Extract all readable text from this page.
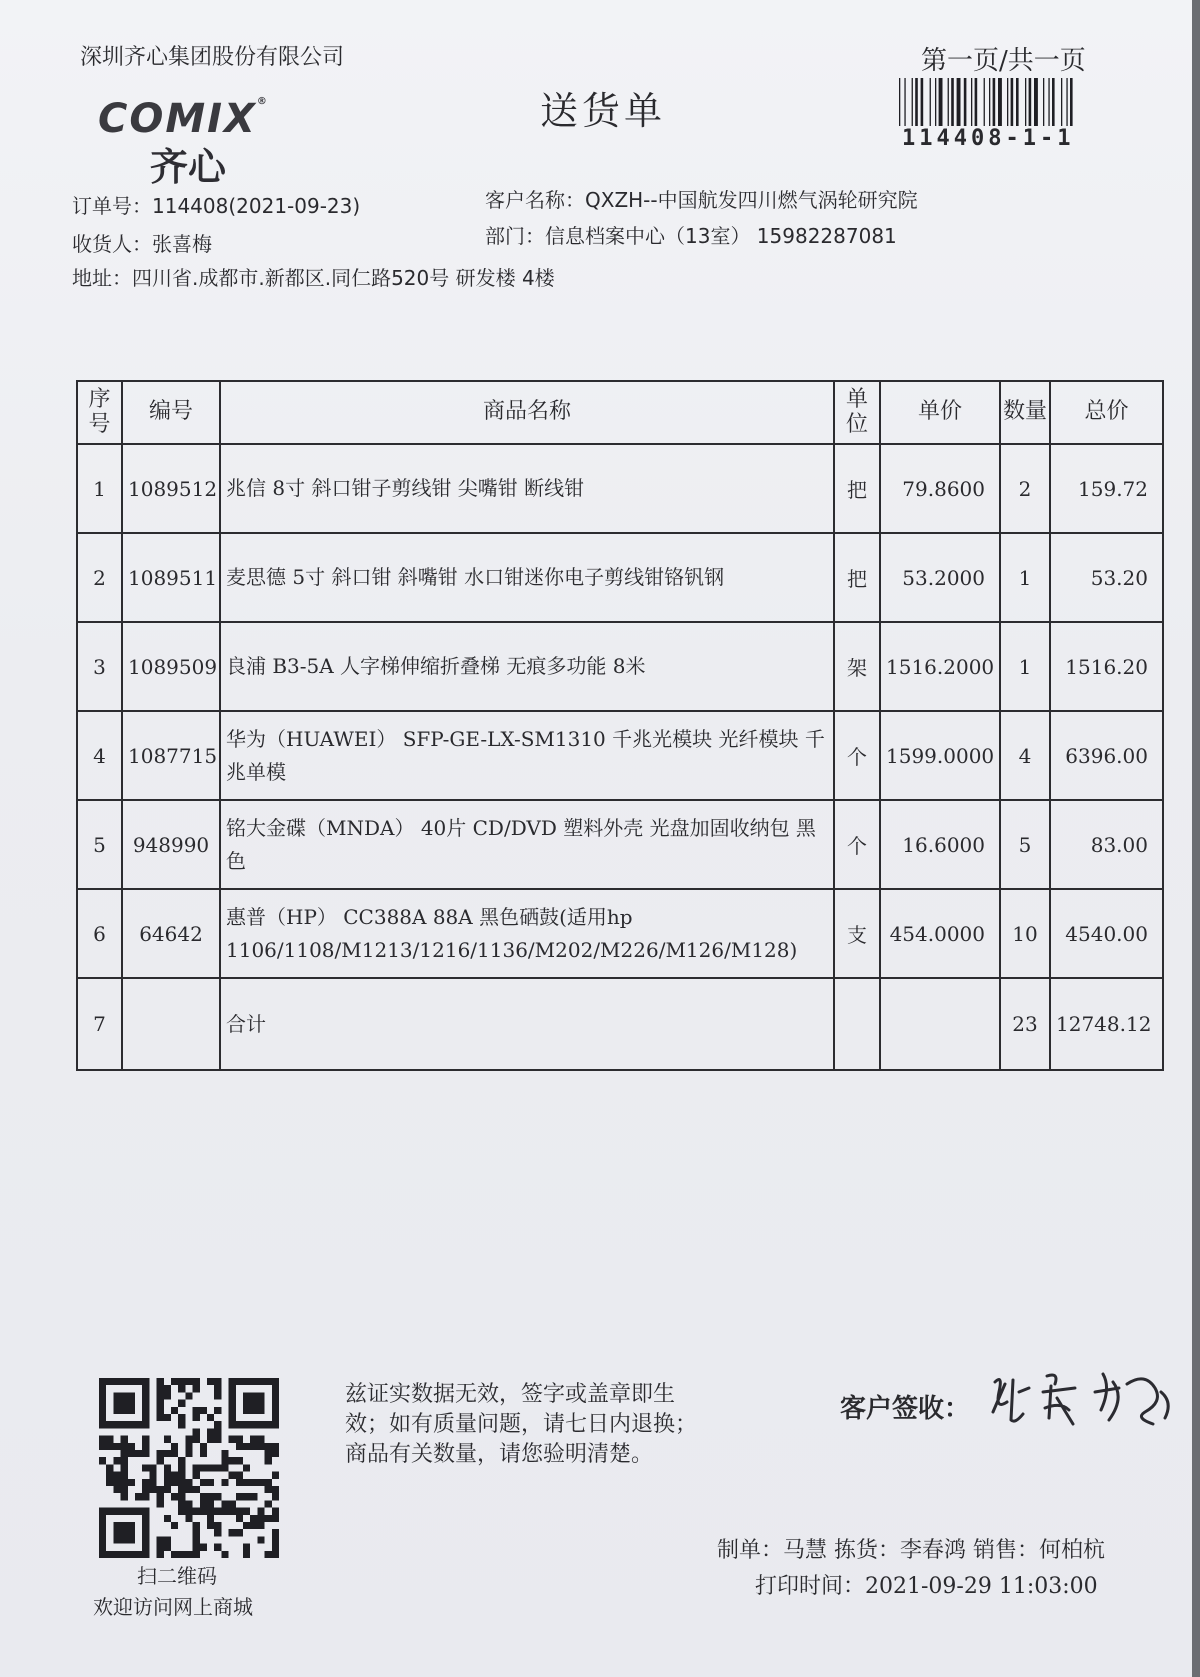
深圳齐心集团股份有限公司	第一页/共一页
送货单
114408-1-1
COMIX®
齐心
订单号：114408(2021-09-23)
收货人：张喜梅
地址：四川省.成都市.新都区.同仁路520号 研发楼 4楼
客户名称：QXZH--中国航发四川燃气涡轮研究院
部门：信息档案中心（13室） 15982287081
序号	编号	商品名称	单位	单价	数量	总价
1	1089512	兆信 8寸 斜口钳子剪线钳 尖嘴钳 断线钳	把	79.8600	2	159.72
2	1089511	麦思德 5寸 斜口钳 斜嘴钳 水口钳迷你电子剪线钳铬钒钢	把	53.2000	1	53.20
3	1089509	良浦 B3-5A 人字梯伸缩折叠梯 无痕多功能 8米	架	1516.2000	1	1516.20
4	1087715	华为（HUAWEI） SFP-GE-LX-SM1310 千兆光模块 光纤模块 千兆单模	个	1599.0000	4	6396.00
5	948990	铭大金碟（MNDA） 40片 CD/DVD 塑料外壳 光盘加固收纳包 黑色	个	16.6000	5	83.00
6	64642	惠普（HP） CC388A 88A 黑色硒鼓(适用hp 1106/1108/M1213/1216/1136/M202/M226/M126/M128)	支	454.0000	10	4540.00
7		合计			23	12748.12
扫二维码
欢迎访问网上商城
兹证实数据无效，签字或盖章即生
效；如有质量问题，请七日内退换；
商品有关数量，请您验明清楚。
客户签收：
制单：马慧 拣货：李春鸿 销售：何柏杭
打印时间：2021-09-29 11:03:00
